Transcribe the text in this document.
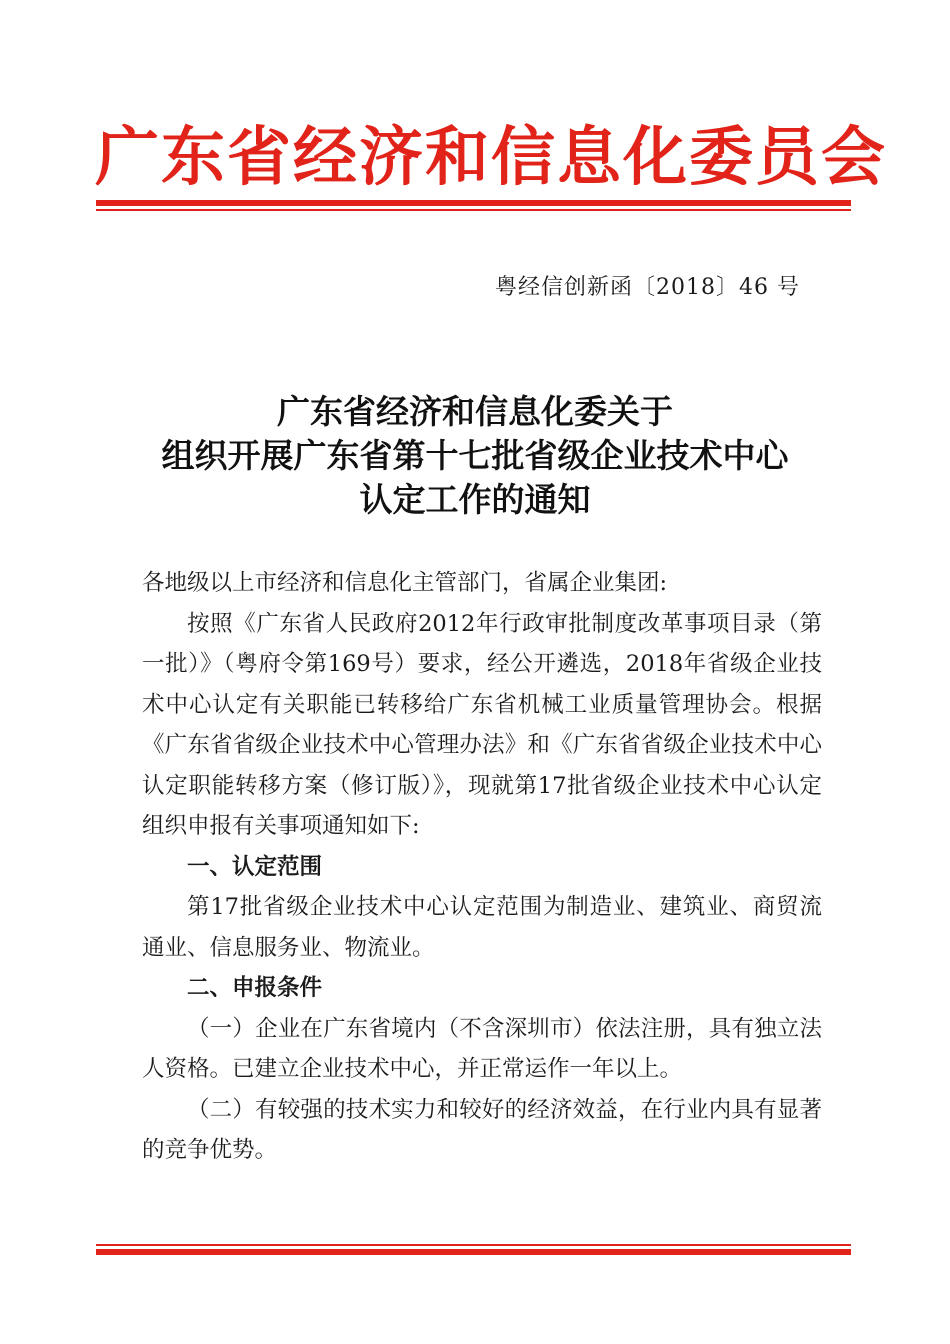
广东省经济和信息化委员会
粤经信创新函〔2018〕46 号
广东省经济和信息化委关于
组织开展广东省第十七批省级企业技术中心
认定工作的通知

各地级以上市经济和信息化主管部门，省属企业集团:

按照《广东省人民政府2012年行政审批制度改革事项目录（第一批）》（粤府令第169号）要求，经公开遴选，2018年省级企业技术中心认定有关职能已转移给广东省机械工业质量管理协会。根据《广东省省级企业技术中心管理办法》和《广东省省级企业技术中心认定职能转移方案（修订版）》，现就第17批省级企业技术中心认定组织申报有关事项通知如下:

一、认定范围

第17批省级企业技术中心认定范围为制造业、建筑业、商贸流通业、信息服务业、物流业。

二、申报条件

（一）企业在广东省境内（不含深圳市）依法注册，具有独立法人资格。已建立企业技术中心，并正常运作一年以上。

（二）有较强的技术实力和较好的经济效益，在行业内具有显著的竞争优势。
